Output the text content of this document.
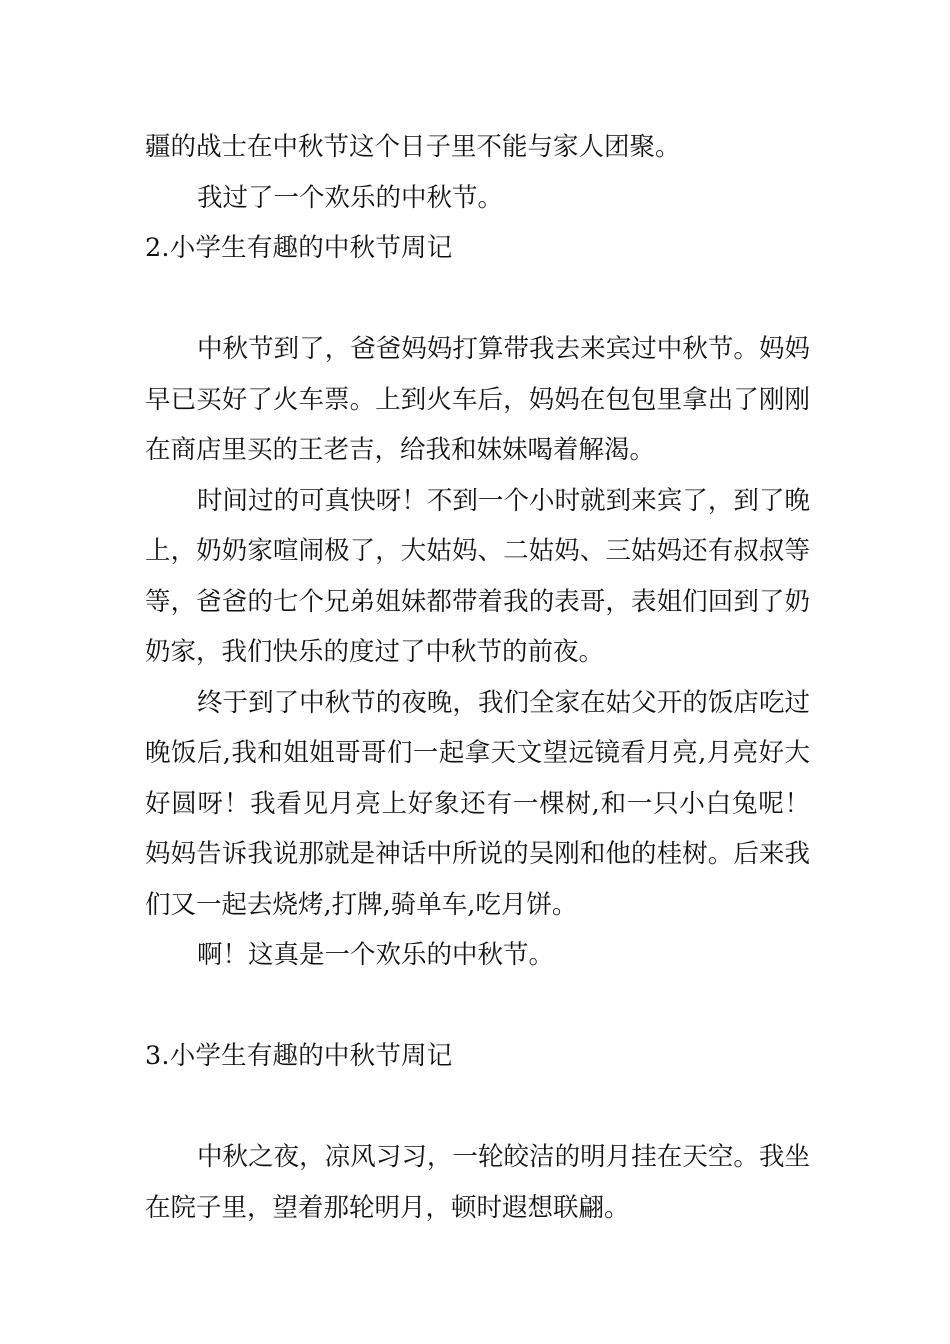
疆的战士在中秋节这个日子里不能与家人团聚。

我过了一个欢乐的中秋节。

2.小学生有趣的中秋节周记

中秋节到了，爸爸妈妈打算带我去来宾过中秋节。妈妈早已买好了火车票。上到火车后，妈妈在包包里拿出了刚刚在商店里买的王老吉，给我和妹妹喝着解渴。

时间过的可真快呀！不到一个小时就到来宾了，到了晚上，奶奶家喧闹极了，大姑妈、二姑妈、三姑妈还有叔叔等等，爸爸的七个兄弟姐妹都带着我的表哥，表姐们回到了奶奶家，我们快乐的度过了中秋节的前夜。

终于到了中秋节的夜晚，我们全家在姑父开的饭店吃过晚饭后,我和姐姐哥哥们一起拿天文望远镜看月亮,月亮好大好圆呀！我看见月亮上好象还有一棵树,和一只小白兔呢！妈妈告诉我说那就是神话中所说的吴刚和他的桂树。后来我们又一起去烧烤,打牌,骑单车,吃月饼。

啊！这真是一个欢乐的中秋节。

3.小学生有趣的中秋节周记

中秋之夜，凉风习习，一轮皎洁的明月挂在天空。我坐在院子里，望着那轮明月，顿时遐想联翩。
